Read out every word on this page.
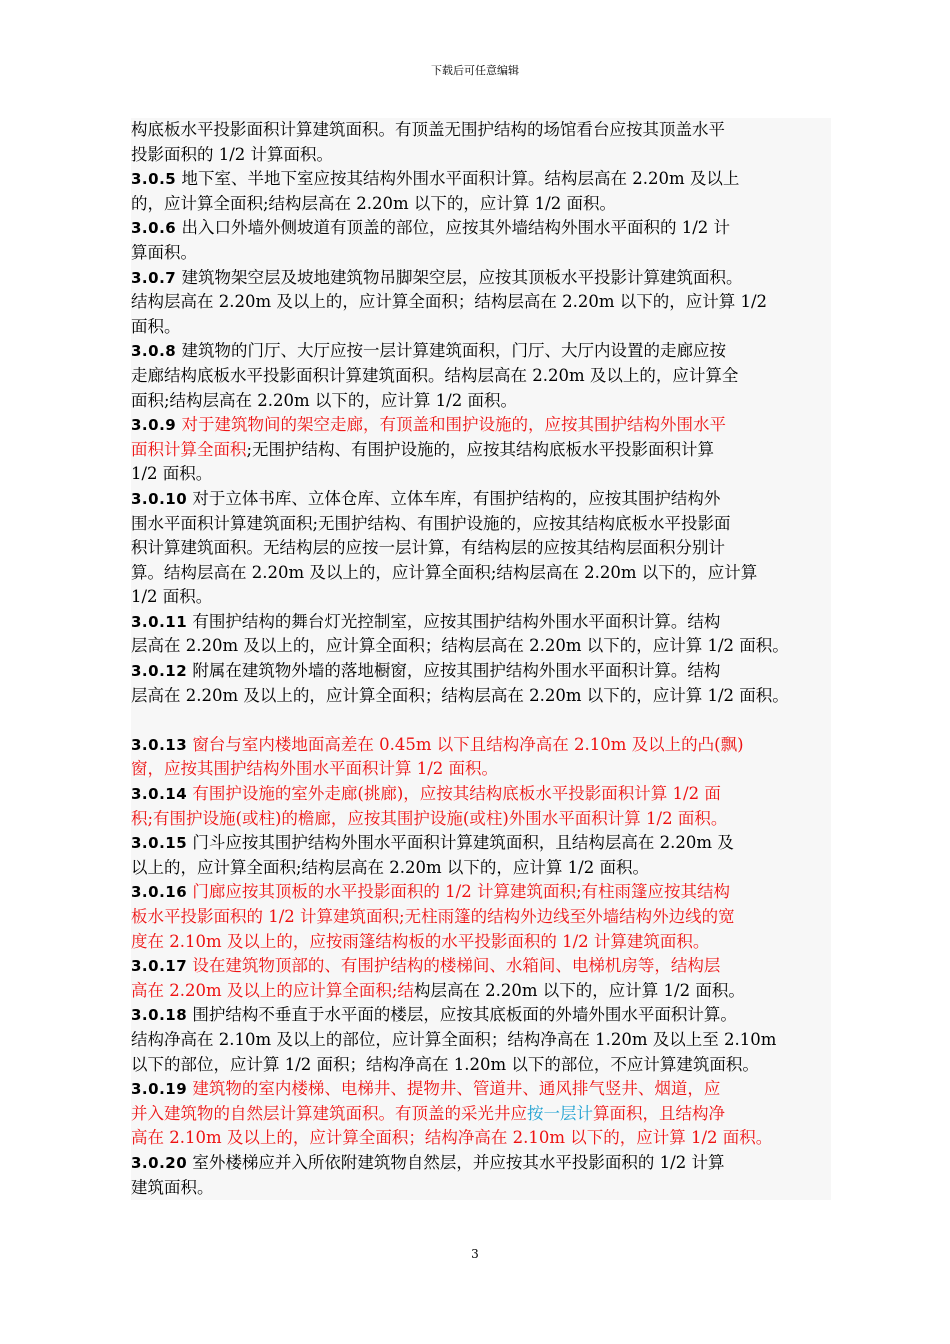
下载后可任意编辑
构底板水平投影面积计算建筑面积。有顶盖无围护结构的场馆看台应按其顶盖水平
投影面积的 1/2 计算面积。
3.0.5 地下室、半地下室应按其结构外围水平面积计算。结构层高在 2.20m 及以上
的，应计算全面积;结构层高在 2.20m 以下的，应计算 1/2 面积。
3.0.6 出入口外墙外侧坡道有顶盖的部位，应按其外墙结构外围水平面积的 1/2 计
算面积。
3.0.7 建筑物架空层及坡地建筑物吊脚架空层，应按其顶板水平投影计算建筑面积。
结构层高在 2.20m 及以上的，应计算全面积；结构层高在 2.20m 以下的，应计算 1/2
面积。
3.0.8 建筑物的门厅、大厅应按一层计算建筑面积，门厅、大厅内设置的走廊应按
走廊结构底板水平投影面积计算建筑面积。结构层高在 2.20m 及以上的，应计算全
面积;结构层高在 2.20m 以下的，应计算 1/2 面积。
3.0.9 对于建筑物间的架空走廊，有顶盖和围护设施的，应按其围护结构外围水平
面积计算全面积;无围护结构、有围护设施的，应按其结构底板水平投影面积计算
1/2 面积。
3.0.10 对于立体书库、立体仓库、立体车库，有围护结构的，应按其围护结构外
围水平面积计算建筑面积;无围护结构、有围护设施的，应按其结构底板水平投影面
积计算建筑面积。无结构层的应按一层计算，有结构层的应按其结构层面积分别计
算。结构层高在 2.20m 及以上的，应计算全面积;结构层高在 2.20m 以下的，应计算
1/2 面积。
3.0.11 有围护结构的舞台灯光控制室，应按其围护结构外围水平面积计算。结构
层高在 2.20m 及以上的，应计算全面积；结构层高在 2.20m 以下的，应计算 1/2 面积。
3.0.12 附属在建筑物外墙的落地橱窗，应按其围护结构外围水平面积计算。结构
层高在 2.20m 及以上的，应计算全面积；结构层高在 2.20m 以下的，应计算 1/2 面积。
3.0.13 窗台与室内楼地面高差在 0.45m 以下且结构净高在 2.10m 及以上的凸(飘)
窗，应按其围护结构外围水平面积计算 1/2 面积。
3.0.14 有围护设施的室外走廊(挑廊)，应按其结构底板水平投影面积计算 1/2 面
积;有围护设施(或柱)的檐廊，应按其围护设施(或柱)外围水平面积计算 1/2 面积。
3.0.15 门斗应按其围护结构外围水平面积计算建筑面积，且结构层高在 2.20m 及
以上的，应计算全面积;结构层高在 2.20m 以下的，应计算 1/2 面积。
3.0.16 门廊应按其顶板的水平投影面积的 1/2 计算建筑面积;有柱雨篷应按其结构
板水平投影面积的 1/2 计算建筑面积;无柱雨篷的结构外边线至外墙结构外边线的宽
度在 2.10m 及以上的，应按雨篷结构板的水平投影面积的 1/2 计算建筑面积。
3.0.17 设在建筑物顶部的、有围护结构的楼梯间、水箱间、电梯机房等，结构层
高在 2.20m 及以上的应计算全面积;结构层高在 2.20m 以下的，应计算 1/2 面积。
3.0.18 围护结构不垂直于水平面的楼层，应按其底板面的外墙外围水平面积计算。
结构净高在 2.10m 及以上的部位，应计算全面积；结构净高在 1.20m 及以上至 2.10m
以下的部位，应计算 1/2 面积；结构净高在 1.20m 以下的部位，不应计算建筑面积。
3.0.19 建筑物的室内楼梯、电梯井、提物井、管道井、通风排气竖井、烟道，应
并入建筑物的自然层计算建筑面积。有顶盖的采光井应按一层计算面积，且结构净
高在 2.10m 及以上的，应计算全面积；结构净高在 2.10m 以下的，应计算 1/2 面积。
3.0.20 室外楼梯应并入所依附建筑物自然层，并应按其水平投影面积的 1/2 计算
建筑面积。
3
